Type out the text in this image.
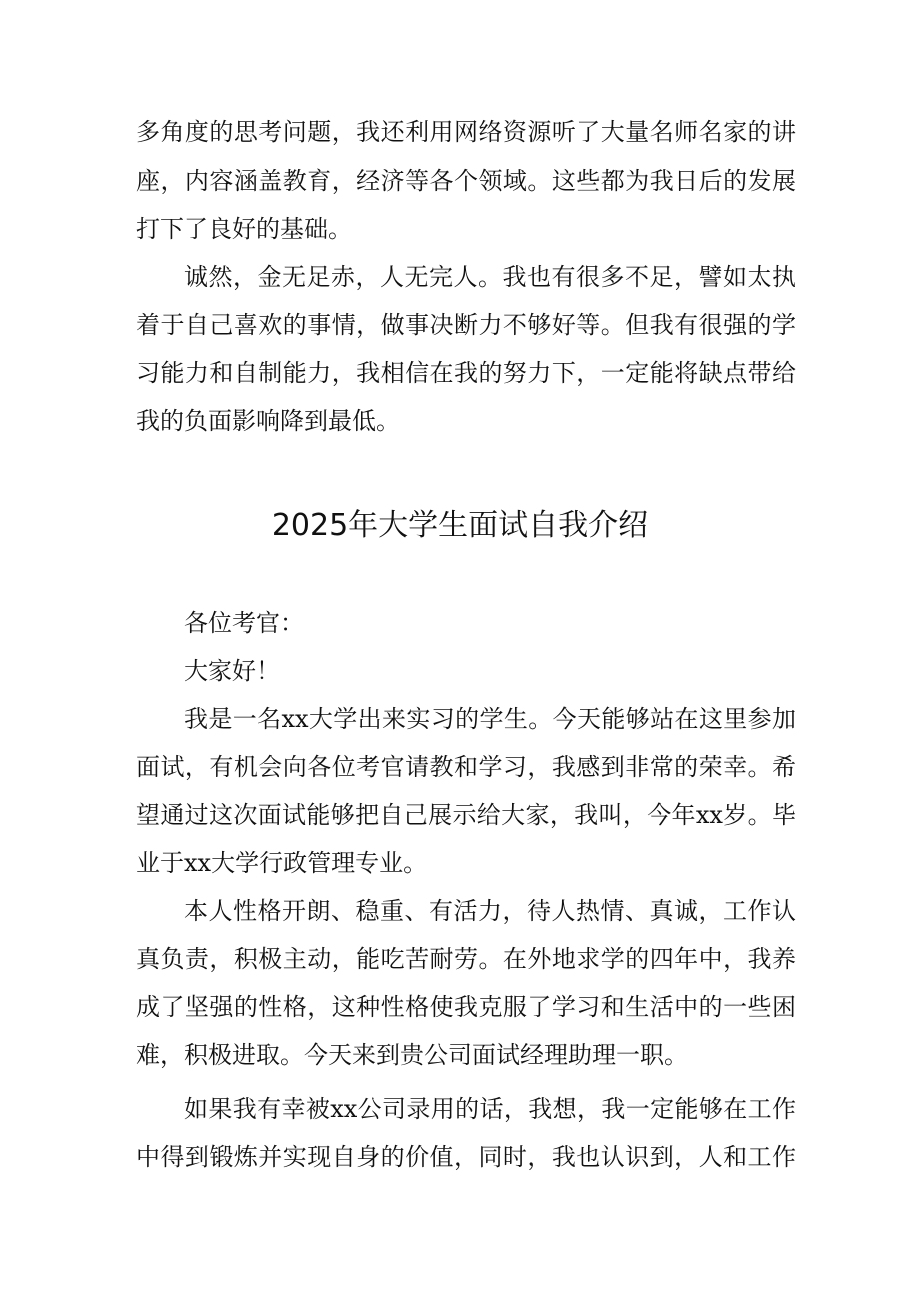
多角度的思考问题，我还利用网络资源听了大量名师名家的讲
座，内容涵盖教育，经济等各个领域。这些都为我日后的发展
打下了良好的基础。
诚然，金无足赤，人无完人。我也有很多不足，譬如太执
着于自己喜欢的事情，做事决断力不够好等。但我有很强的学
习能力和自制能力，我相信在我的努力下，一定能将缺点带给
我的负面影响降到最低。
2025年大学生面试自我介绍
各位考官：
大家好！
我是一名xx大学出来实习的学生。今天能够站在这里参加
面试，有机会向各位考官请教和学习，我感到非常的荣幸。希
望通过这次面试能够把自己展示给大家，我叫，今年xx岁。毕
业于xx大学行政管理专业。
本人性格开朗、稳重、有活力，待人热情、真诚，工作认
真负责，积极主动，能吃苦耐劳。在外地求学的四年中，我养
成了坚强的性格，这种性格使我克服了学习和生活中的一些困
难，积极进取。今天来到贵公司面试经理助理一职。
如果我有幸被xx公司录用的话，我想，我一定能够在工作
中得到锻炼并实现自身的价值，同时，我也认识到，人和工作
